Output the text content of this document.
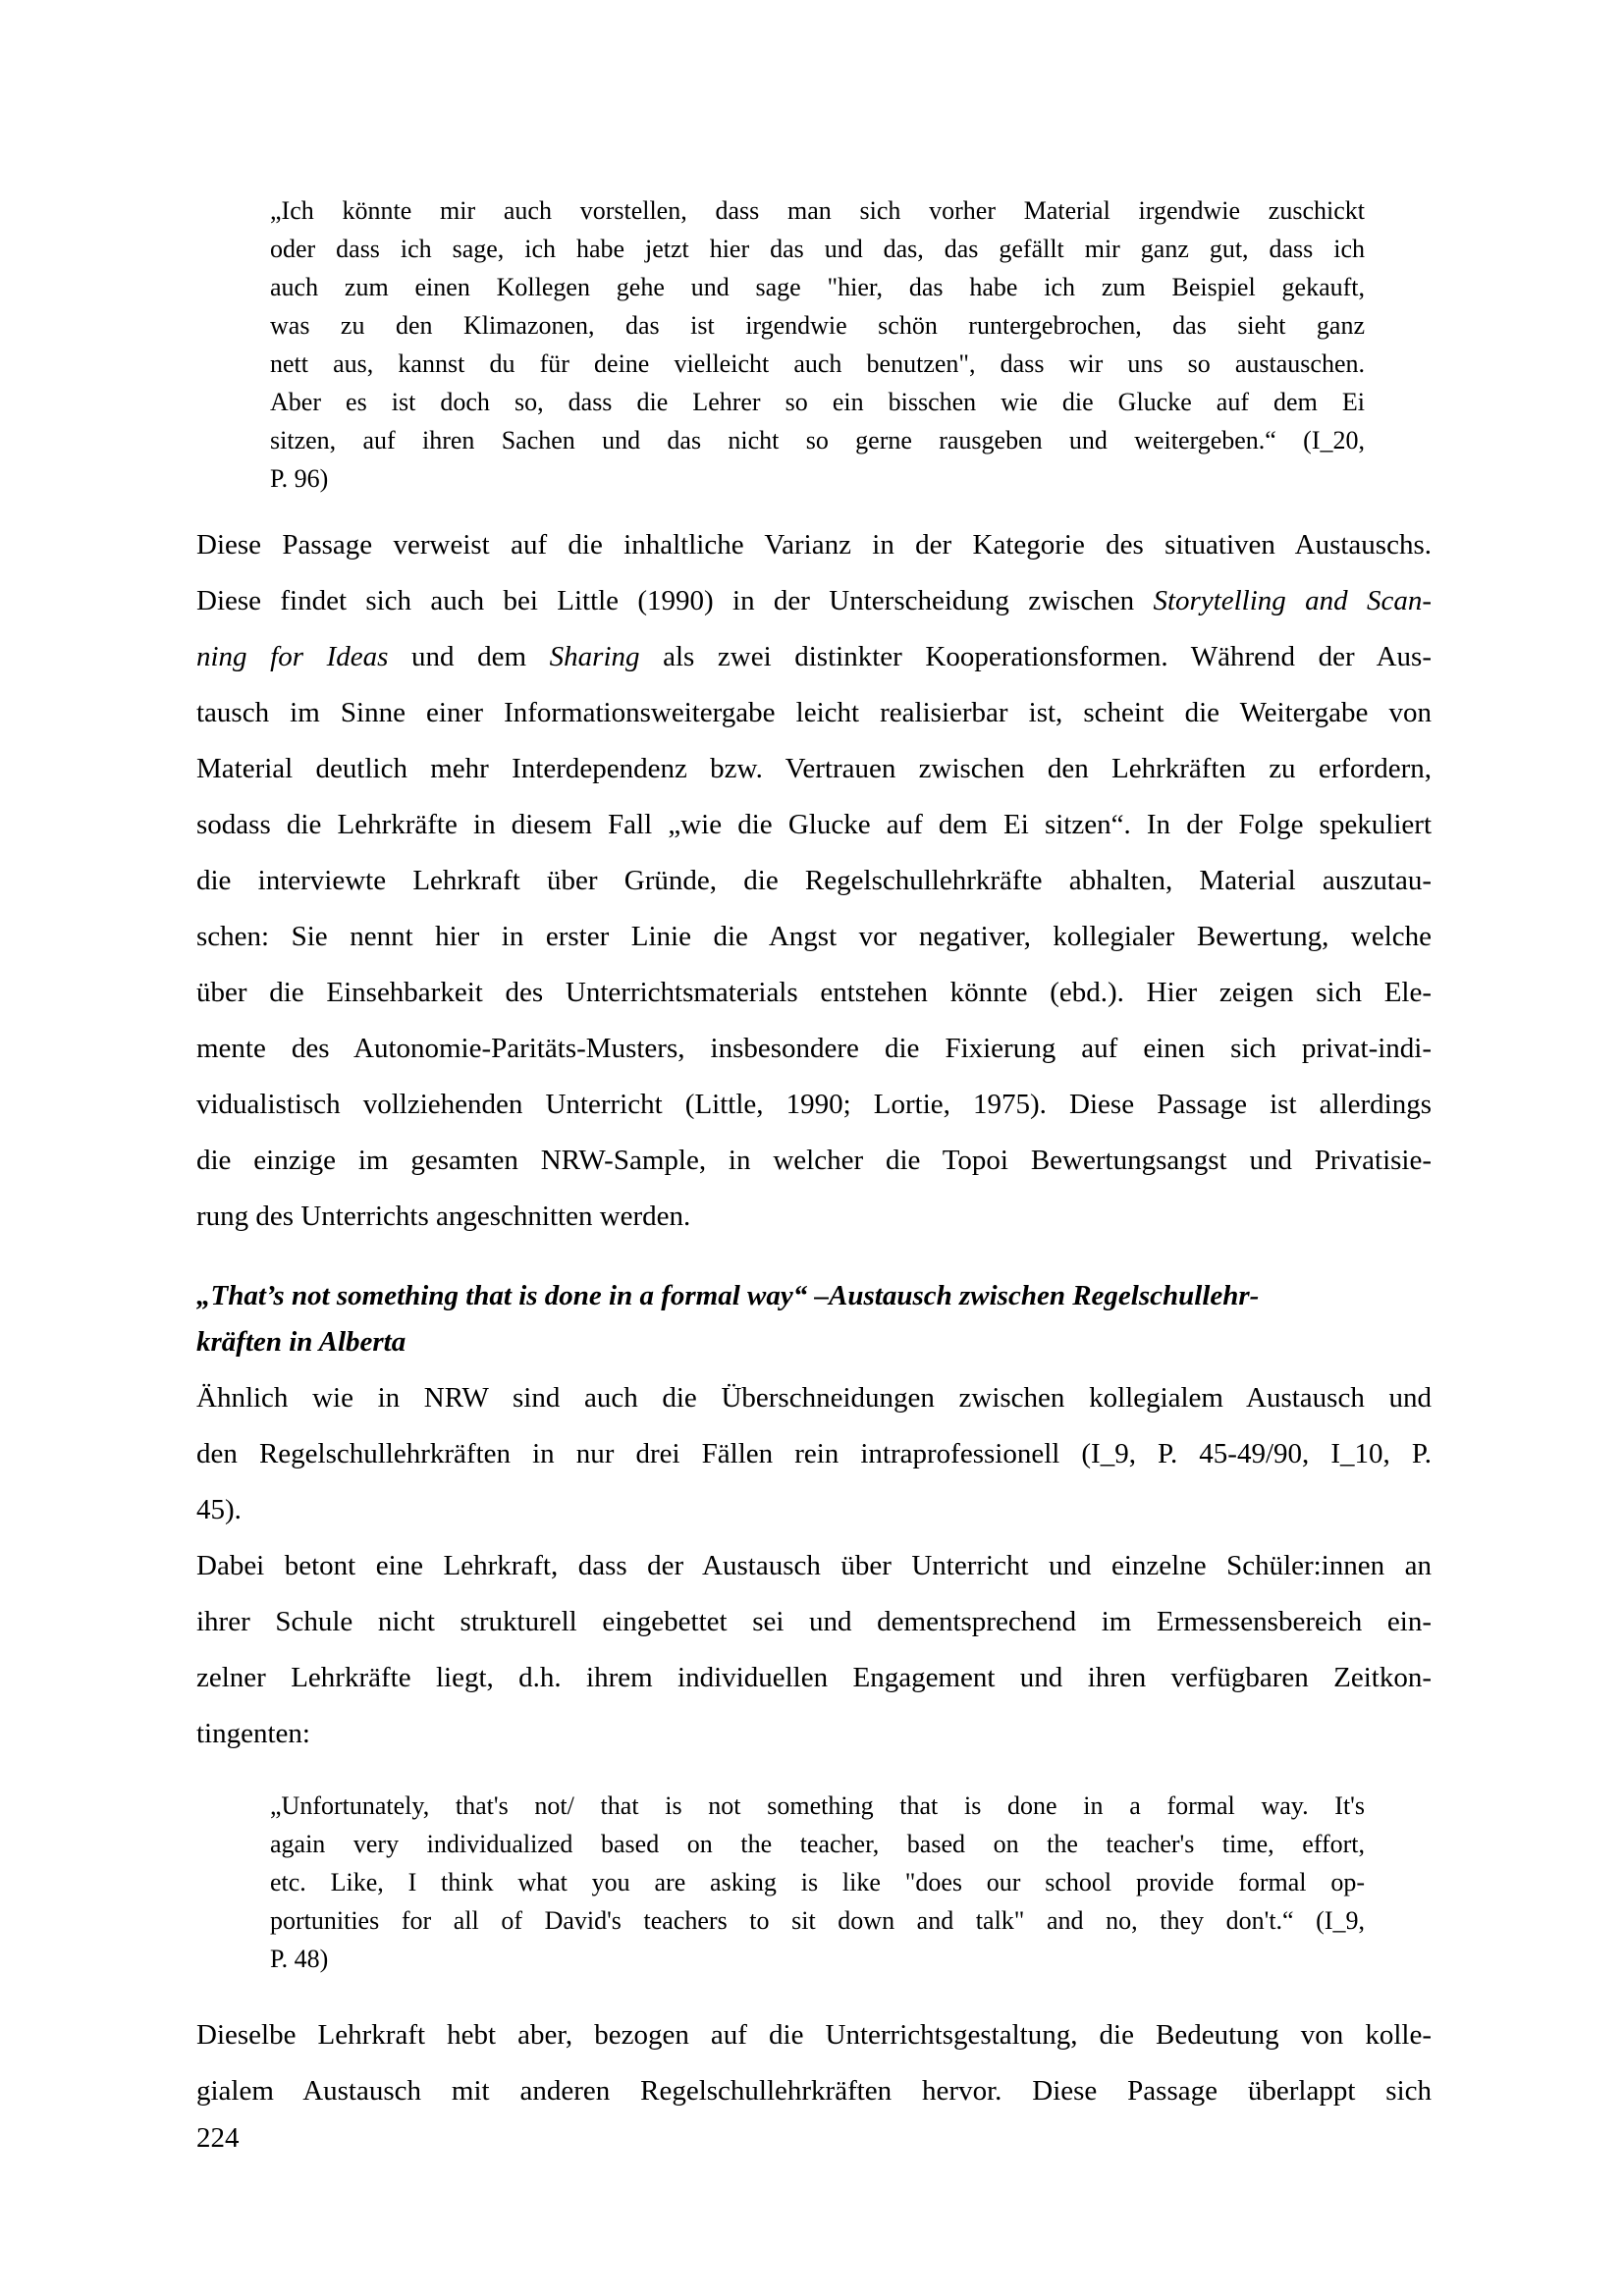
„Ich könnte mir auch vorstellen, dass man sich vorher Material irgendwie zuschickt
oder dass ich sage, ich habe jetzt hier das und das, das gefällt mir ganz gut, dass ich
auch zum einen Kollegen gehe und sage "hier, das habe ich zum Beispiel gekauft,
was zu den Klimazonen, das ist irgendwie schön runtergebrochen, das sieht ganz
nett aus, kannst du für deine vielleicht auch benutzen", dass wir uns so austauschen.
Aber es ist doch so, dass die Lehrer so ein bisschen wie die Glucke auf dem Ei
sitzen, auf ihren Sachen und das nicht so gerne rausgeben und weitergeben.“ (I_20,
P. 96)
Diese Passage verweist auf die inhaltliche Varianz in der Kategorie des situativen Austauschs.
Diese findet sich auch bei Little (1990) in der Unterscheidung zwischen Storytelling and Scan-
ning for Ideas und dem Sharing als zwei distinkter Kooperationsformen. Während der Aus-
tausch im Sinne einer Informationsweitergabe leicht realisierbar ist, scheint die Weitergabe von
Material deutlich mehr Interdependenz bzw. Vertrauen zwischen den Lehrkräften zu erfordern,
sodass die Lehrkräfte in diesem Fall „wie die Glucke auf dem Ei sitzen“. In der Folge spekuliert
die interviewte Lehrkraft über Gründe, die Regelschullehrkräfte abhalten, Material auszutau-
schen: Sie nennt hier in erster Linie die Angst vor negativer, kollegialer Bewertung, welche
über die Einsehbarkeit des Unterrichtsmaterials entstehen könnte (ebd.). Hier zeigen sich Ele-
mente des Autonomie-Paritäts-Musters, insbesondere die Fixierung auf einen sich privat-indi-
vidualistisch vollziehenden Unterricht (Little, 1990; Lortie, 1975). Diese Passage ist allerdings
die einzige im gesamten NRW-Sample, in welcher die Topoi Bewertungsangst und Privatisie-
rung des Unterrichts angeschnitten werden.
„That’s not something that is done in a formal way“ –Austausch zwischen Regelschullehr-
kräften in Alberta
Ähnlich wie in NRW sind auch die Überschneidungen zwischen kollegialem Austausch und
den Regelschullehrkräften in nur drei Fällen rein intraprofessionell (I_9, P. 45-49/90, I_10, P.
45).
Dabei betont eine Lehrkraft, dass der Austausch über Unterricht und einzelne Schüler:innen an
ihrer Schule nicht strukturell eingebettet sei und dementsprechend im Ermessensbereich ein-
zelner Lehrkräfte liegt, d.h. ihrem individuellen Engagement und ihren verfügbaren Zeitkon-
tingenten:
„Unfortunately, that's not/ that is not something that is done in a formal way. It's
again very individualized based on the teacher, based on the teacher's time, effort,
etc. Like, I think what you are asking is like "does our school provide formal op-
portunities for all of David's teachers to sit down and talk" and no, they don't.“ (I_9,
P. 48)
Dieselbe Lehrkraft hebt aber, bezogen auf die Unterrichtsgestaltung, die Bedeutung von kolle-
gialem Austausch mit anderen Regelschullehrkräften hervor. Diese Passage überlappt sich
224
